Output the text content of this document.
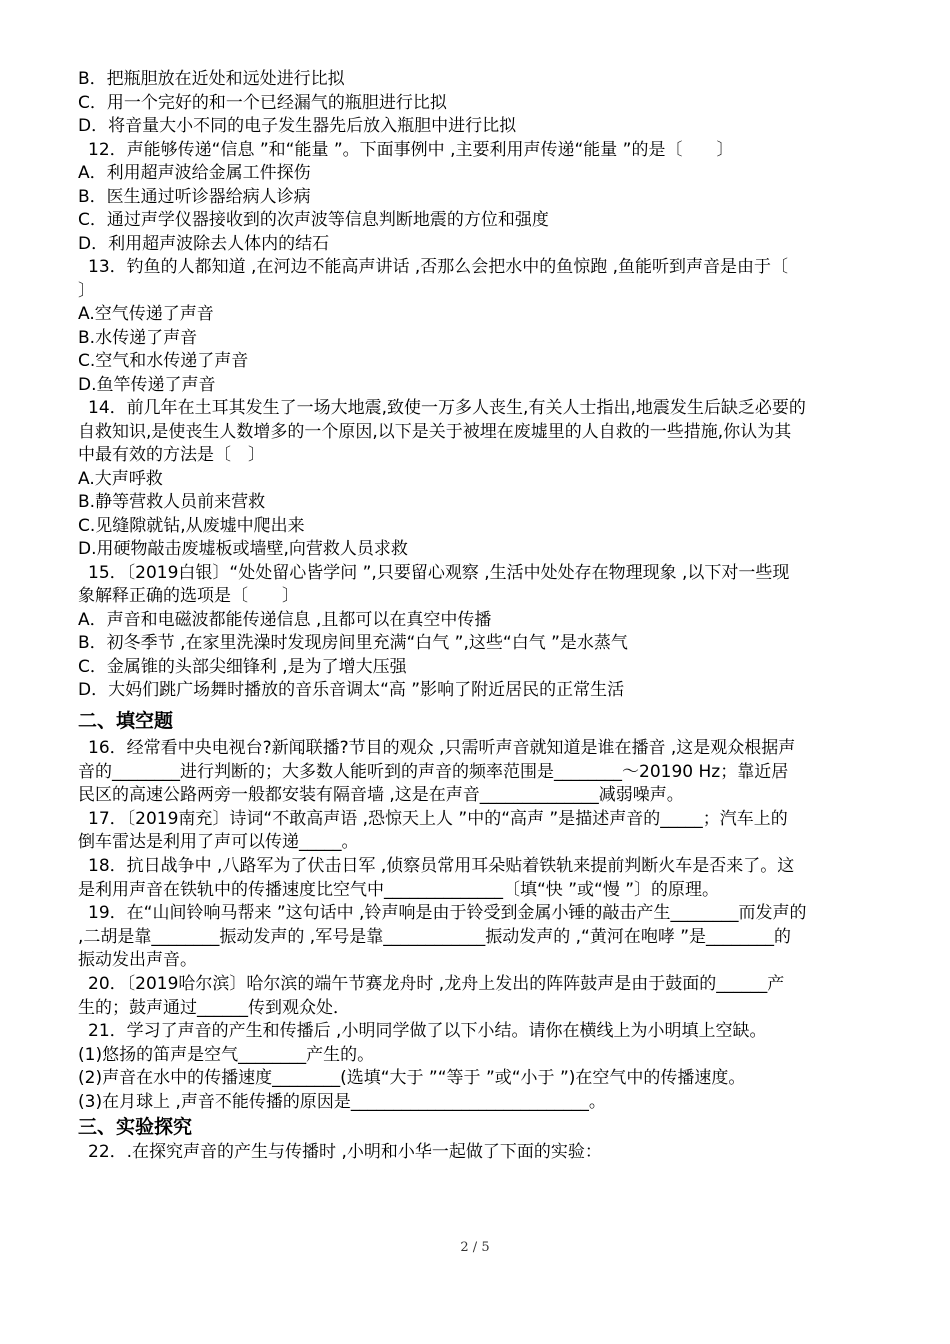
B．把瓶胆放在近处和远处进行比拟
C．用一个完好的和一个已经漏气的瓶胆进行比拟
D．将音量大小不同的电子发生器先后放入瓶胆中进行比拟
12．声能够传递“信息 ”和“能量 ”。下面事例中 ,主要利用声传递“能量 ”的是〔　　〕
A．利用超声波给金属工件探伤
B．医生通过听诊器给病人诊病
C．通过声学仪器接收到的次声波等信息判断地震的方位和强度
D．利用超声波除去人体内的结石
13．钓鱼的人都知道 ,在河边不能高声讲话 ,否那么会把水中的鱼惊跑 ,鱼能听到声音是由于〔
〕
A.空气传递了声音
B.水传递了声音
C.空气和水传递了声音
D.鱼竿传递了声音
14．前几年在土耳其发生了一场大地震,致使一万多人丧生,有关人士指出,地震发生后缺乏必要的
自救知识,是使丧生人数增多的一个原因,以下是关于被埋在废墟里的人自救的一些措施,你认为其
中最有效的方法是〔　〕
A.大声呼救
B.静等营救人员前来营救
C.见缝隙就钻,从废墟中爬出来
D.用硬物敲击废墟板或墙壁,向营救人员求救
15．〔2019白银〕“处处留心皆学问 ”,只要留心观察 ,生活中处处存在物理现象 ,以下对一些现
象解释正确的选项是〔　　〕
A．声音和电磁波都能传递信息 ,且都可以在真空中传播
B．初冬季节 ,在家里洗澡时发现房间里充满“白气 ”,这些“白气 ”是水蒸气
C．金属锥的头部尖细锋利 ,是为了增大压强
D．大妈们跳广场舞时播放的音乐音调太“高 ”影响了附近居民的正常生活
二、填空题
16．经常看中央电视台?新闻联播?节目的观众 ,只需听声音就知道是谁在播音 ,这是观众根据声
音的________进行判断的；大多数人能听到的声音的频率范围是________～20190 Hz；靠近居
民区的高速公路两旁一般都安装有隔音墙 ,这是在声音______________减弱噪声。
17．〔2019南充〕诗词“不敢高声语 ,恐惊天上人 ”中的“高声 ”是描述声音的_____；汽车上的
倒车雷达是利用了声可以传递_____。
18．抗日战争中 ,八路军为了伏击日军 ,侦察员常用耳朵贴着铁轨来提前判断火车是否来了。这
是利用声音在铁轨中的传播速度比空气中______________〔填“快 ”或“慢 ”〕的原理。
19．在“山间铃响马帮来 ”这句话中 ,铃声响是由于铃受到金属小锤的敲击产生________而发声的
,二胡是靠________振动发声的 ,军号是靠____________振动发声的 ,“黄河在咆哮 ”是________的
振动发出声音。
20．〔2019哈尔滨〕哈尔滨的端午节赛龙舟时 ,龙舟上发出的阵阵鼓声是由于鼓面的______产
生的；鼓声通过______传到观众处．
21．学习了声音的产生和传播后 ,小明同学做了以下小结。请你在横线上为小明填上空缺。
(1)悠扬的笛声是空气________产生的。
(2)声音在水中的传播速度________(选填“大于 ”“等于 ”或“小于 ”)在空气中的传播速度。
(3)在月球上 ,声音不能传播的原因是____________________________。
三、实验探究
22．.在探究声音的产生与传播时 ,小明和小华一起做了下面的实验：
2 / 5
